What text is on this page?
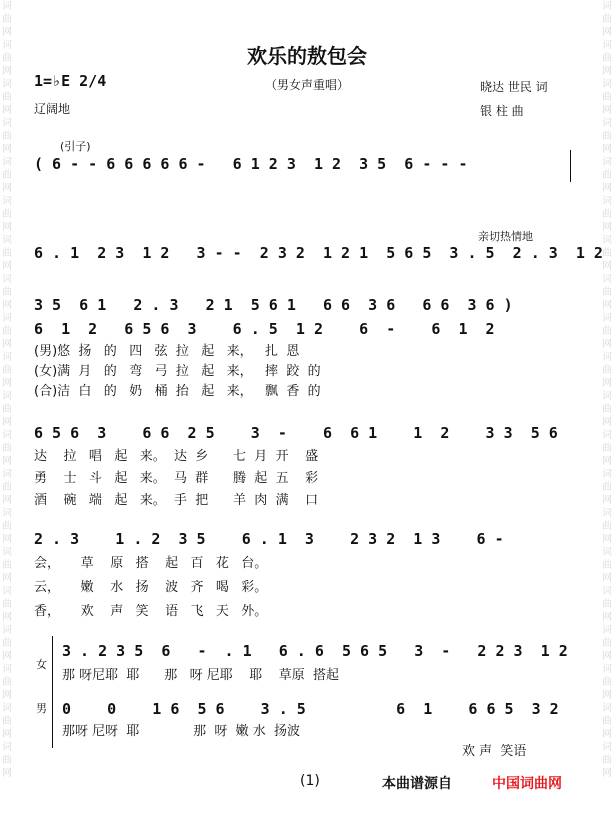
词曲网词曲网词曲网词曲网词曲网词曲网词曲网词曲网词曲网词曲网词曲网词曲网词曲网词曲网词曲网词曲网词曲网词曲网词曲网词曲网
词曲网词曲网词曲网词曲网词曲网词曲网词曲网词曲网词曲网词曲网词曲网词曲网词曲网词曲网词曲网词曲网词曲网词曲网词曲网词曲网
欢乐的敖包会
（男女声重唱）
1=♭E 2/4
辽阔地
晓达 世民 词
银 柱 曲
(引子)
( 6 - - 6 6 6 6 6 -   6 1 2 3  1 2  3 5  6 - - -
亲切热情地
6 . 1  2 3  1 2   3 - -  2 3 2  1 2 1  5 6 5  3 . 5  2 . 3  1 2
3 5  6 1   2 . 3   2 1  5 6 1   6 6  3 6   6 6  3 6 )
6  1  2   6 5 6  3    6 . 5  1 2    6  -    6  1  2
(男)悠  扬   的   四   弦  拉   起   来，   扎  恩
(女)满  月   的   弯   弓  拉   起   来，   摔  跤  的
(合)洁  白   的   奶   桶  抬   起   来，   飘  香  的
6 5 6  3    6 6  2 5    3  -    6  6 1    1  2    3 3  5 6
达    拉   唱   起   来。  达  乡      七  月  开    盛
勇    士   斗   起   来。  马  群      腾  起  五    彩
酒    碗   端   起   来。  手  把      羊  肉  满    口
2 . 3    1 . 2  3 5    6 . 1  3    2 3 2  1 3    6 -
会，     草    原   搭    起   百   花   台。
云，     嫩    水   扬    波   齐   喝   彩。
香，     欢    声   笑    语   飞   天   外。
女
男
3 . 2 3 5  6   -  . 1   6 . 6  5 6 5   3  -   2 2 3  1 2
那 呀尼耶  耶      那   呀 尼耶    耶    草原  搭起
0    0    1 6  5 6    3 . 5          6  1    6 6 5  3 2
那呀 尼呀  耶             那  呀  嫩 水  扬波
欢 声  笑语
(1)	本曲谱源自	中国词曲网
